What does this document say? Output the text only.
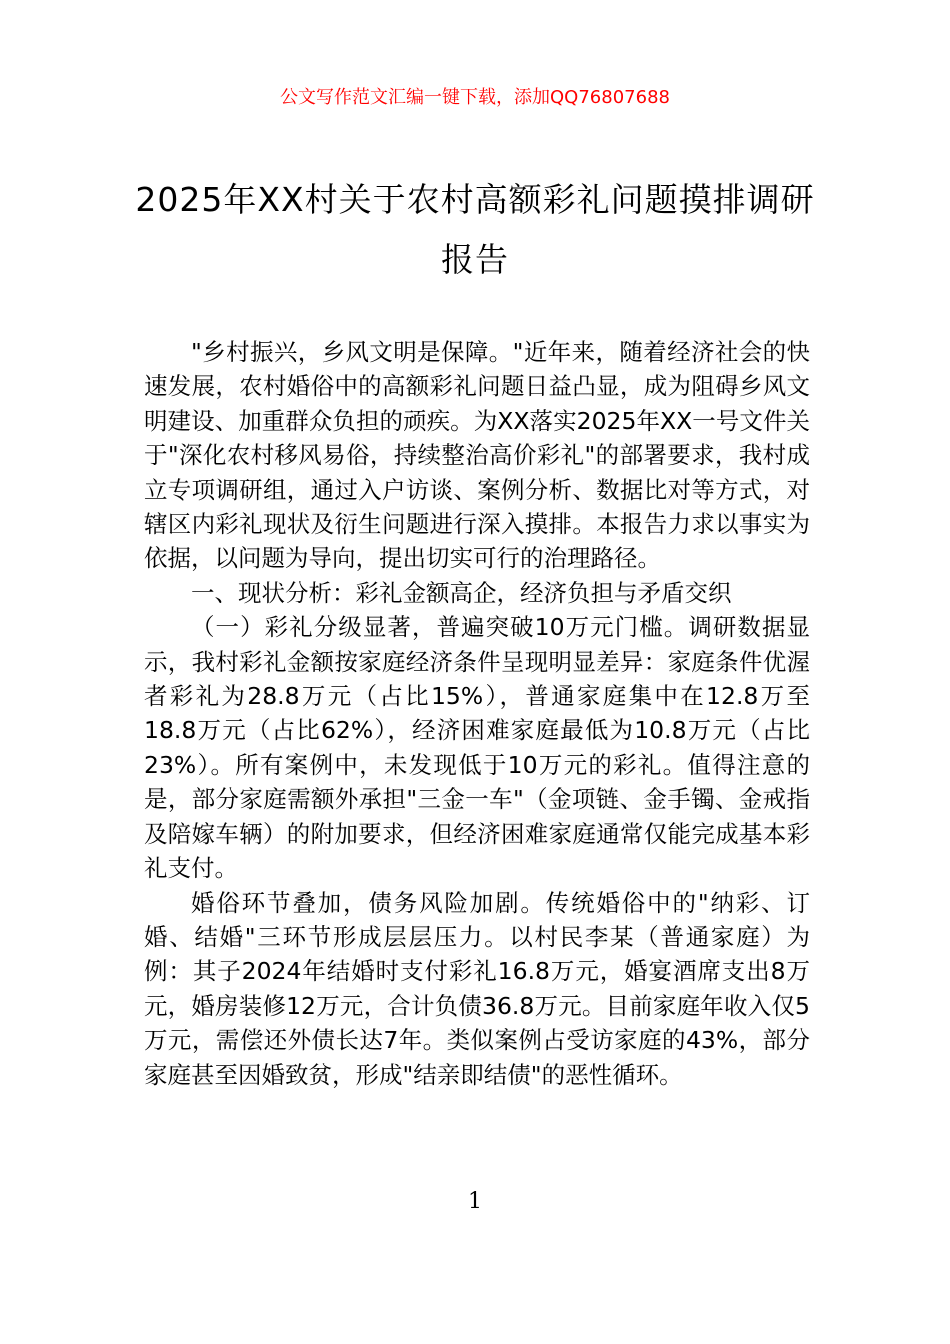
公文写作范文汇编一键下载，添加QQ76807688
2025年XX村关于农村高额彩礼问题摸排调研报告

"乡村振兴，乡风文明是保障。"近年来，随着经济社会的快速发展，农村婚俗中的高额彩礼问题日益凸显，成为阻碍乡风文明建设、加重群众负担的顽疾。为XX落实2025年XX一号文件关于"深化农村移风易俗，持续整治高价彩礼"的部署要求，我村成立专项调研组，通过入户访谈、案例分析、数据比对等方式，对辖区内彩礼现状及衍生问题进行深入摸排。本报告力求以事实为依据，以问题为导向，提出切实可行的治理路径。

一、现状分析：彩礼金额高企，经济负担与矛盾交织

（一）彩礼分级显著，普遍突破10万元门槛。调研数据显示，我村彩礼金额按家庭经济条件呈现明显差异：家庭条件优渥者彩礼为28.8万元（占比15%），普通家庭集中在12.8万至18.8万元（占比62%），经济困难家庭最低为10.8万元（占比23%）。所有案例中，未发现低于10万元的彩礼。值得注意的是，部分家庭需额外承担"三金一车"（金项链、金手镯、金戒指及陪嫁车辆）的附加要求，但经济困难家庭通常仅能完成基本彩礼支付。

婚俗环节叠加，债务风险加剧。传统婚俗中的"纳彩、订婚、结婚"三环节形成层层压力。以村民李某（普通家庭）为例：其子2024年结婚时支付彩礼16.8万元，婚宴酒席支出8万元，婚房装修12万元，合计负债36.8万元。目前家庭年收入仅5万元，需偿还外债长达7年。类似案例占受访家庭的43%，部分家庭甚至因婚致贫，形成"结亲即结债"的恶性循环。

1
